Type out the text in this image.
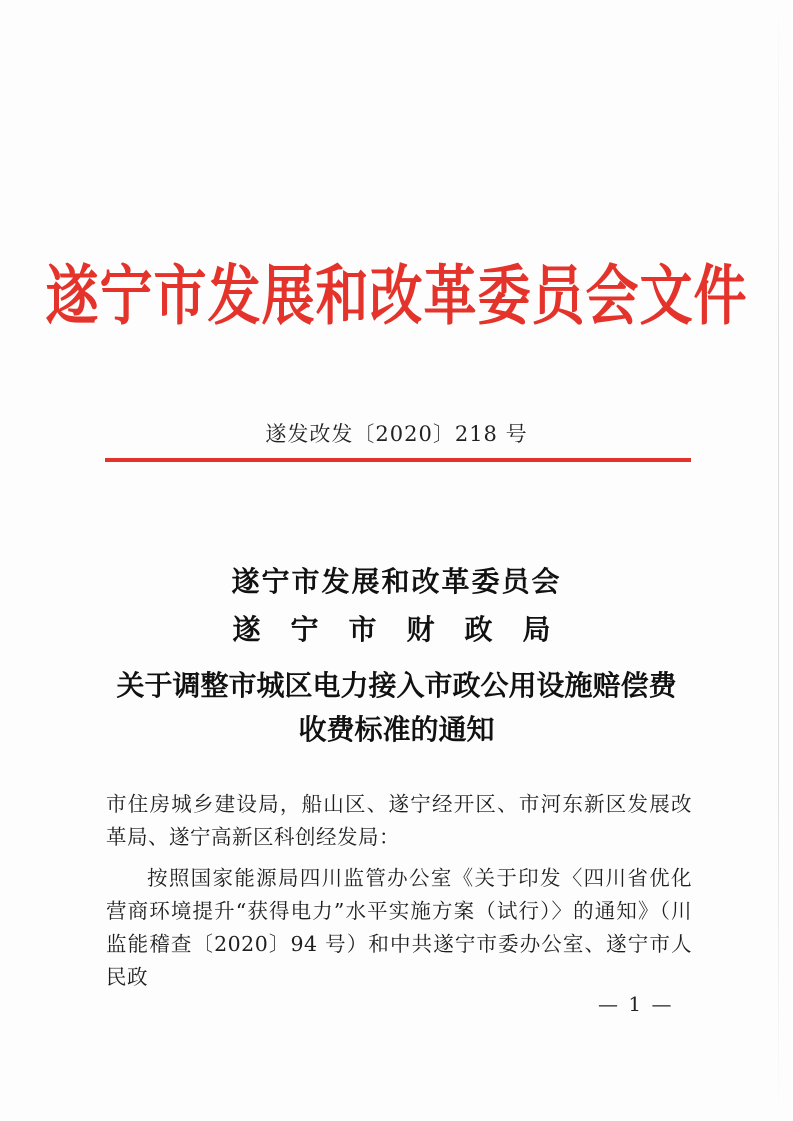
遂宁市发展和改革委员会文件
遂发改发〔2020〕218 号
遂宁市发展和改革委员会
遂宁市财政局
关于调整市城区电力接入市政公用设施赔偿费
收费标准的通知
市住房城乡建设局，船山区、遂宁经开区、市河东新区发展改革局、遂宁高新区科创经发局：
按照国家能源局四川监管办公室《关于印发〈四川省优化营商环境提升“获得电力”水平实施方案（试行）〉的通知》（川监能稽查〔2020〕94 号）和中共遂宁市委办公室、遂宁市人民政
— 1 —
